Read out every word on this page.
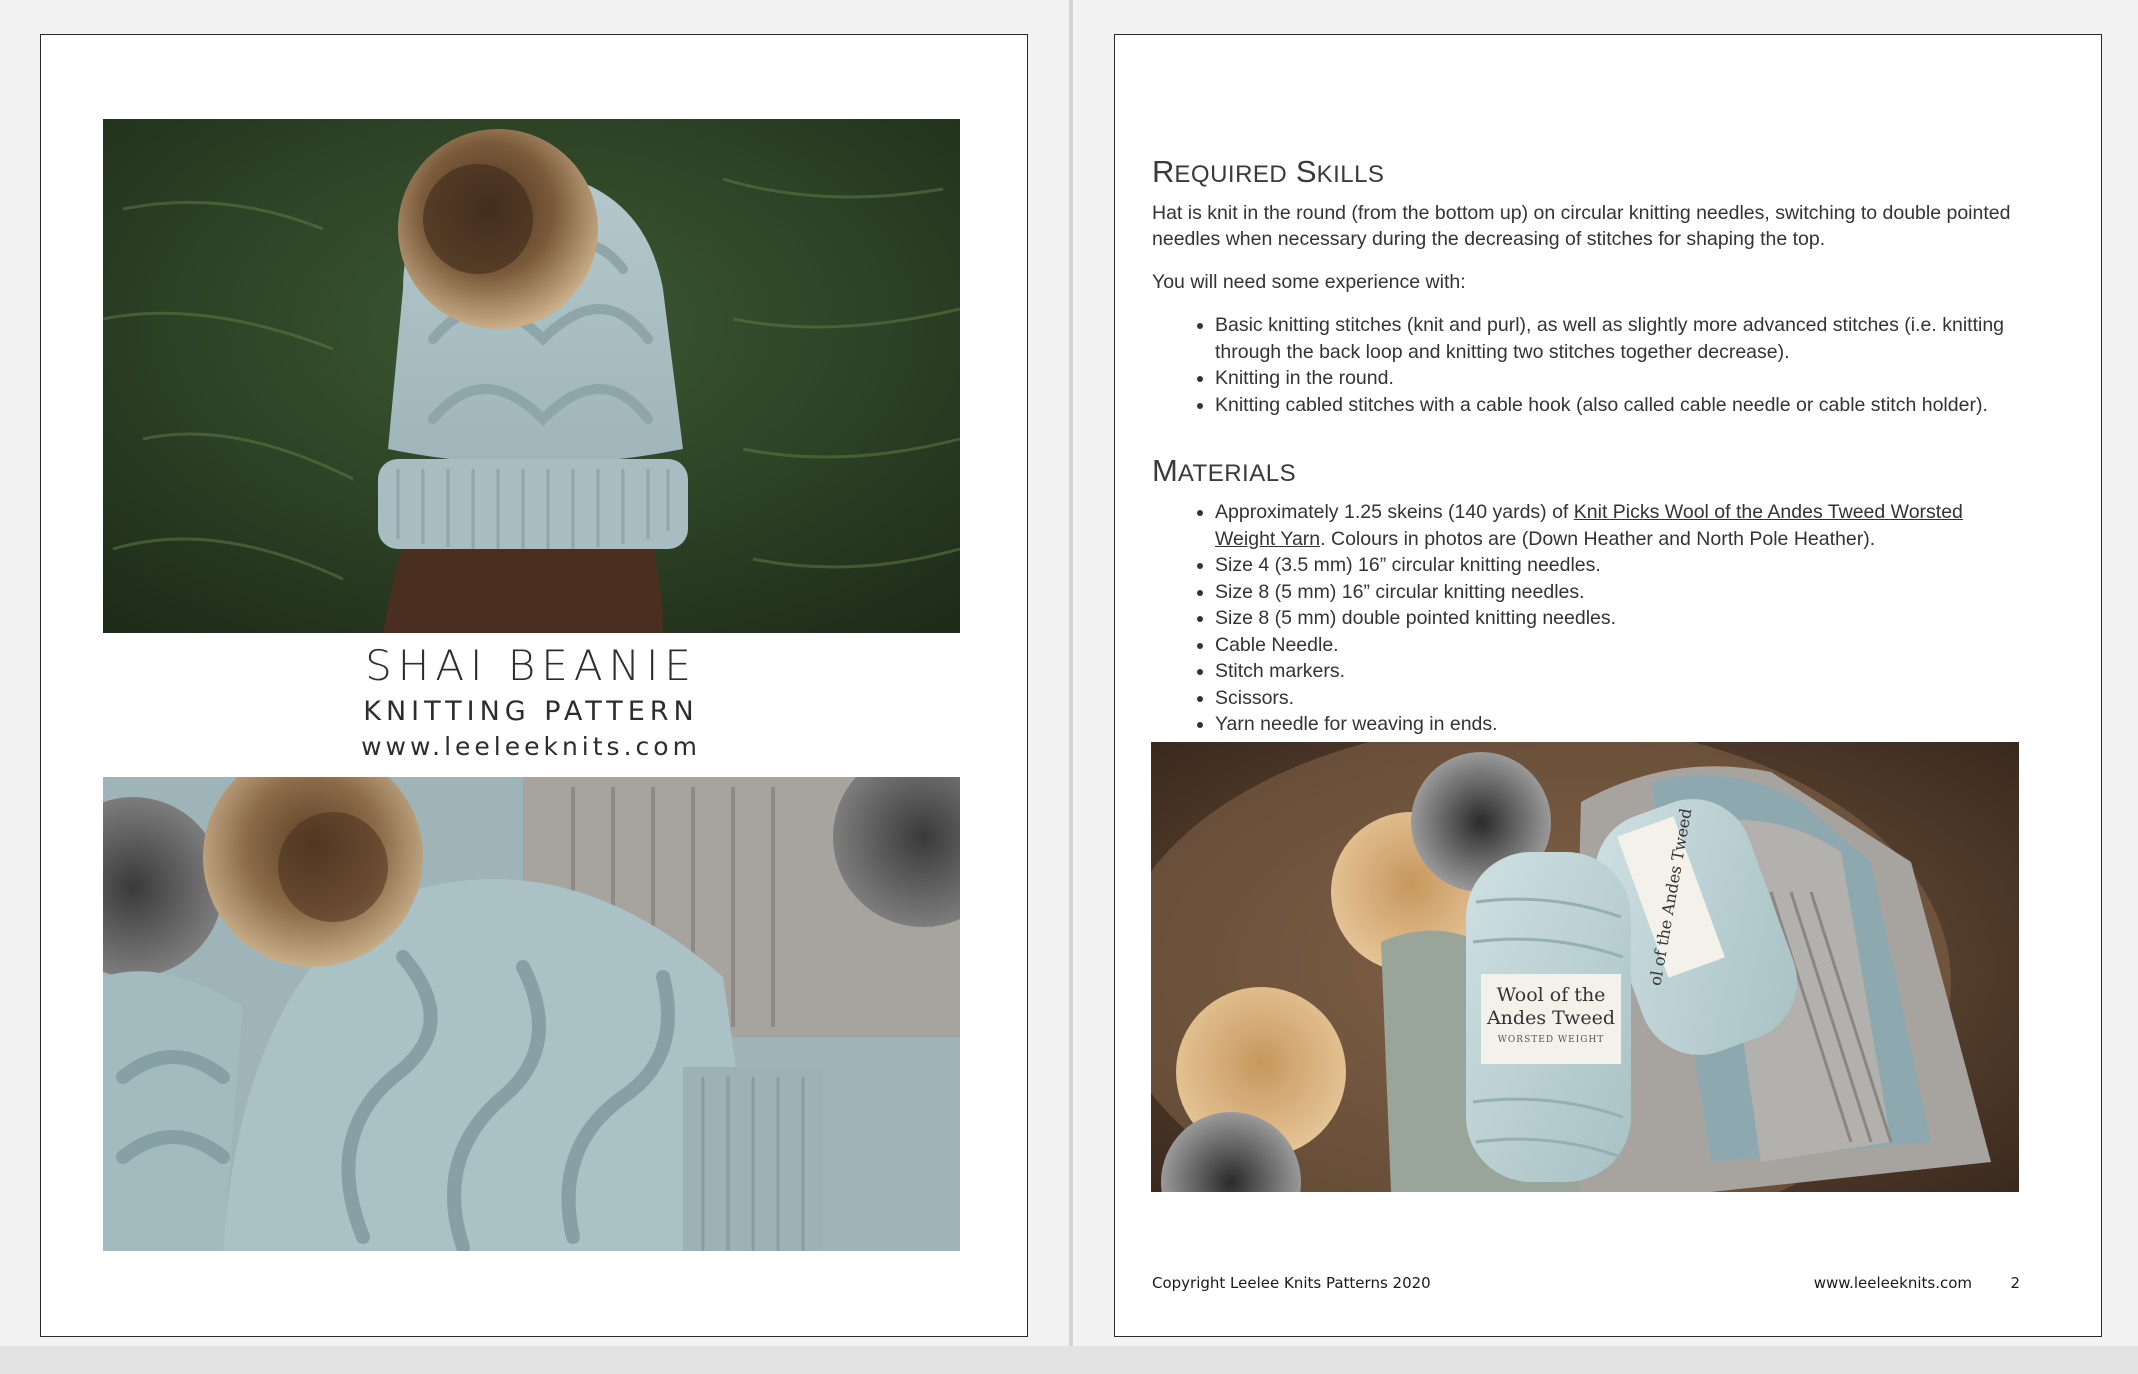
SHAI BEANIE
KNITTING PATTERN
www.leeleeknits.com
REQUIRED SKILLS

Hat is knit in the round (from the bottom up) on circular knitting needles, switching to double pointed needles when necessary during the decreasing of stitches for shaping the top.

You will need some experience with:

• Basic knitting stitches (knit and purl), as well as slightly more advanced stitches (i.e. knitting through the back loop and knitting two stitches together decrease).
• Knitting in the round.
• Knitting cabled stitches with a cable hook (also called cable needle or cable stitch holder).
MATERIALS
• Approximately 1.25 skeins (140 yards) of Knit Picks Wool of the Andes Tweed Worsted Weight Yarn. Colours in photos are (Down Heather and North Pole Heather).
• Size 4 (3.5 mm) 16” circular knitting needles.
• Size 8 (5 mm) 16” circular knitting needles.
• Size 8 (5 mm) double pointed knitting needles.
• Cable Needle.
• Stitch markers.
• Scissors.
• Yarn needle for weaving in ends.
•
Wool of the
Andes Tweed
WORSTED WEIGHT
ol of the Andes Tweed
Copyright Leelee Knits Patterns 2020	www.leeleeknits.com	2
